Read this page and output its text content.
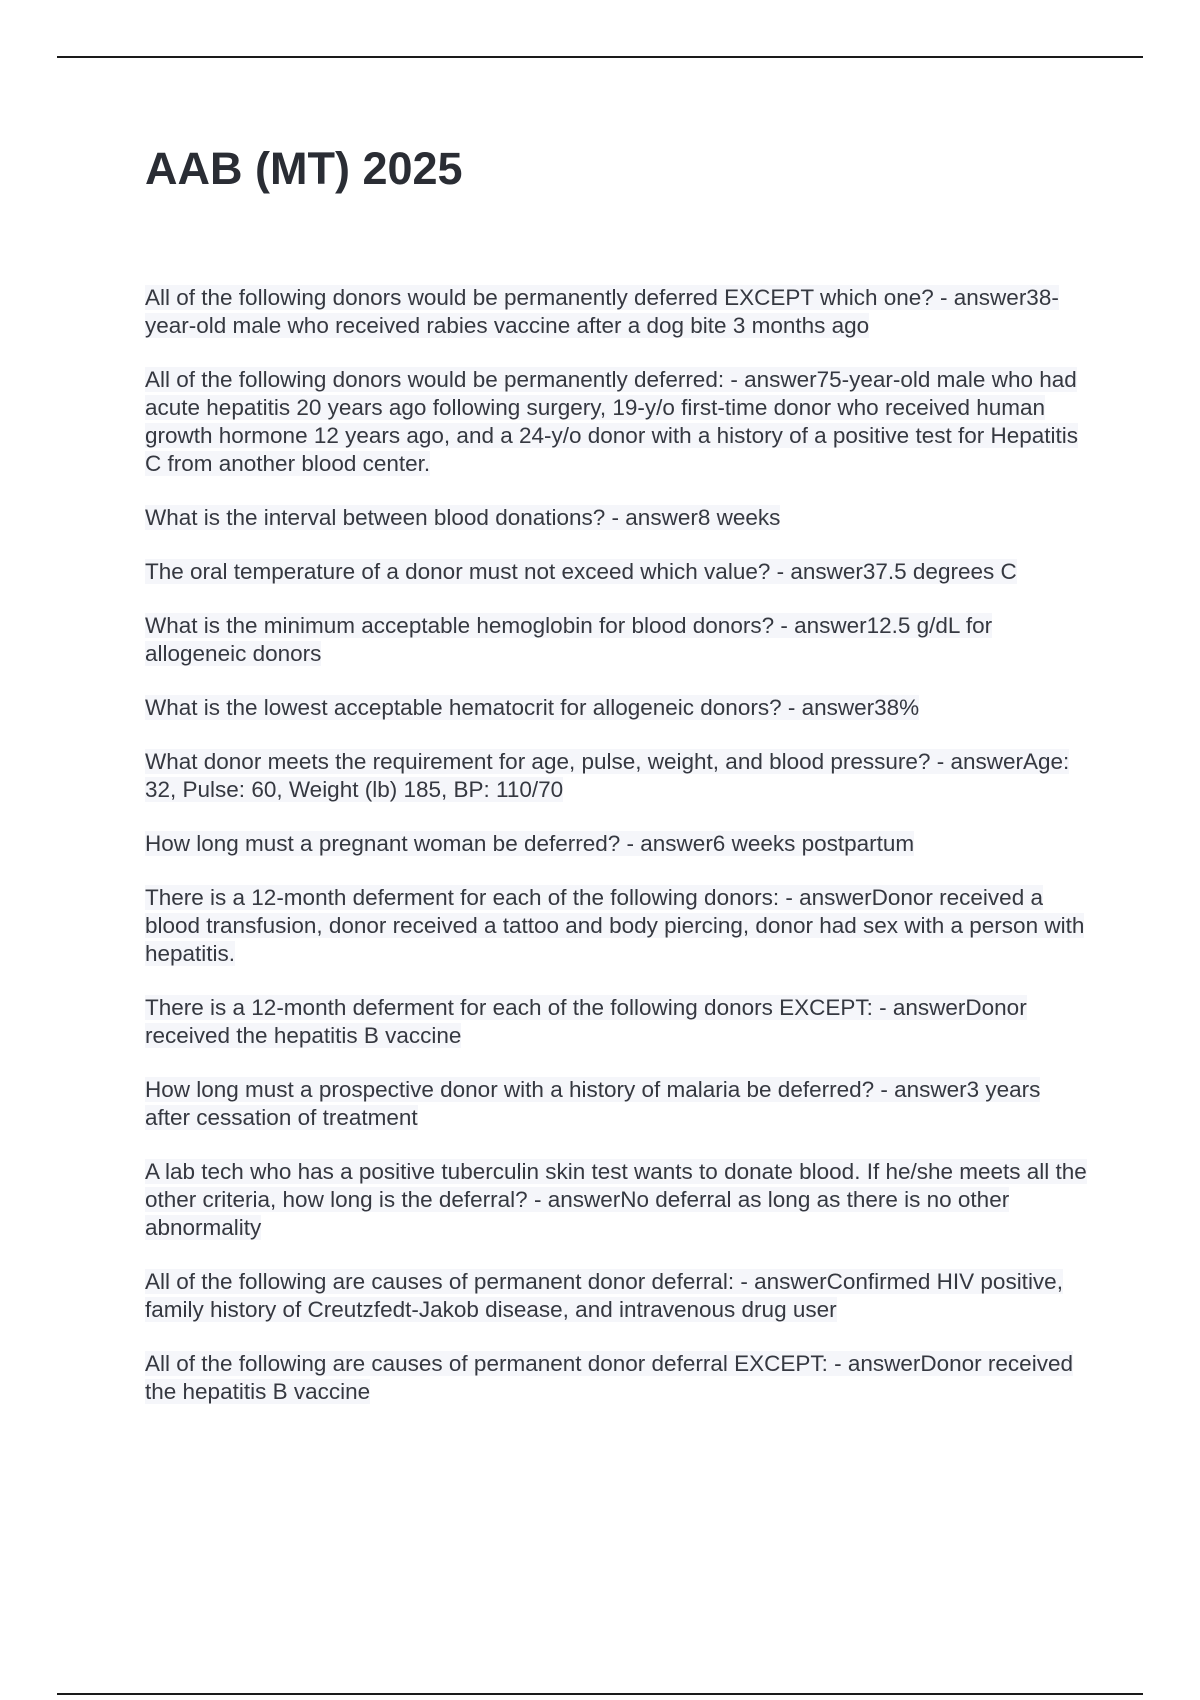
AAB (MT) 2025

All of the following donors would be permanently deferred EXCEPT which one? - answer38-year-old male who received rabies vaccine after a dog bite 3 months ago

All of the following donors would be permanently deferred: - answer75-year-old male who had acute hepatitis 20 years ago following surgery, 19-y/o first-time donor who received human growth hormone 12 years ago, and a 24-y/o donor with a history of a positive test for Hepatitis C from another blood center.

What is the interval between blood donations? - answer8 weeks

The oral temperature of a donor must not exceed which value? - answer37.5 degrees C

What is the minimum acceptable hemoglobin for blood donors? - answer12.5 g/dL for allogeneic donors

What is the lowest acceptable hematocrit for allogeneic donors? - answer38%

What donor meets the requirement for age, pulse, weight, and blood pressure? - answerAge: 32, Pulse: 60, Weight (lb) 185, BP: 110/70

How long must a pregnant woman be deferred? - answer6 weeks postpartum

There is a 12-month deferment for each of the following donors: - answerDonor received a blood transfusion, donor received a tattoo and body piercing, donor had sex with a person with hepatitis.

There is a 12-month deferment for each of the following donors EXCEPT: - answerDonor received the hepatitis B vaccine

How long must a prospective donor with a history of malaria be deferred? - answer3 years after cessation of treatment

A lab tech who has a positive tuberculin skin test wants to donate blood. If he/she meets all the other criteria, how long is the deferral? - answerNo deferral as long as there is no other abnormality

All of the following are causes of permanent donor deferral: - answerConfirmed HIV positive, family history of Creutzfedt-Jakob disease, and intravenous drug user

All of the following are causes of permanent donor deferral EXCEPT: - answerDonor received the hepatitis B vaccine
